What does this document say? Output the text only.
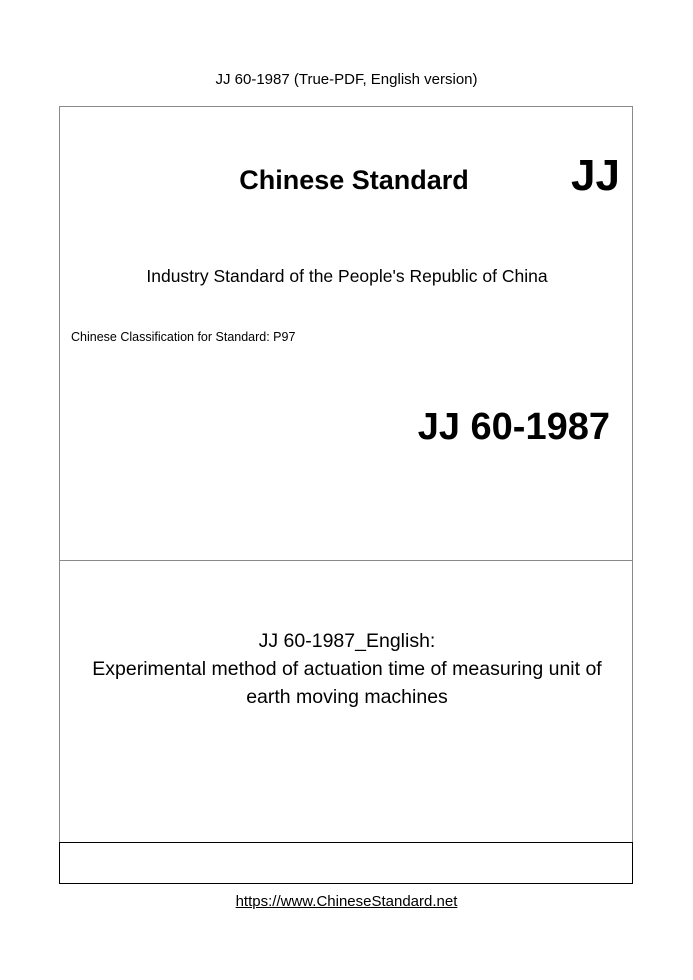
JJ 60-1987 (True-PDF, English version)
Chinese Standard	JJ
Industry Standard of the People's Republic of China
Chinese Classification for Standard: P97
JJ 60-1987
JJ 60-1987_English:
Experimental method of actuation time of measuring unit of
earth moving machines
https://www.ChineseStandard.net
